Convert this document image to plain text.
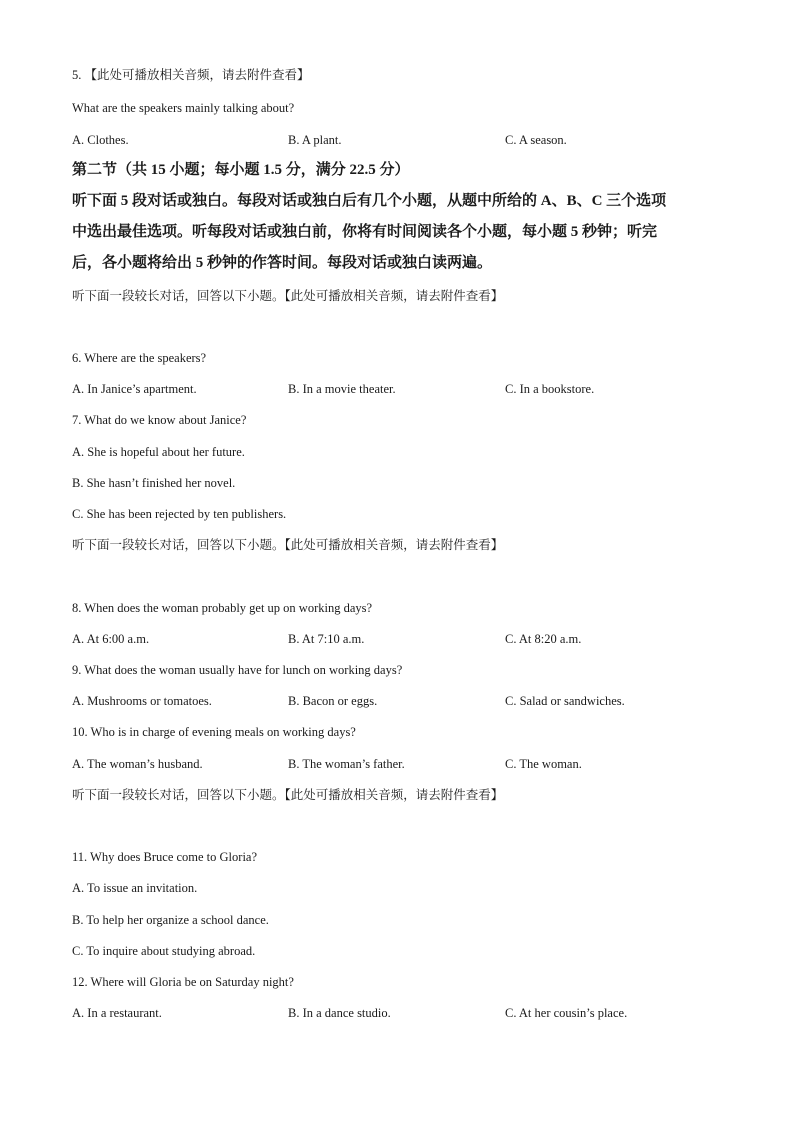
5. 【此处可播放相关音频，请去附件查看】
What are the speakers mainly talking about?
A. Clothes.	B. A plant.	C. A season.
第二节（共 15 小题；每小题 1.5 分，满分 22.5 分）
听下面 5 段对话或独白。每段对话或独白后有几个小题，从题中所给的 A、B、C 三个选项
中选出最佳选项。听每段对话或独白前，你将有时间阅读各个小题，每小题 5 秒钟；听完
后，各小题将给出 5 秒钟的作答时间。每段对话或独白读两遍。
听下面一段较长对话，回答以下小题。【此处可播放相关音频，请去附件查看】
6. Where are the speakers?
A. In Janice’s apartment.	B. In a movie theater.	C. In a bookstore.
7. What do we know about Janice?
A. She is hopeful about her future.
B. She hasn’t finished her novel.
C. She has been rejected by ten publishers.
听下面一段较长对话，回答以下小题。【此处可播放相关音频，请去附件查看】
8. When does the woman probably get up on working days?
A. At 6:00 a.m.	B. At 7:10 a.m.	C. At 8:20 a.m.
9. What does the woman usually have for lunch on working days?
A. Mushrooms or tomatoes.	B. Bacon or eggs.	C. Salad or sandwiches.
10. Who is in charge of evening meals on working days?
A. The woman’s husband.	B. The woman’s father.	C. The woman.
听下面一段较长对话，回答以下小题。【此处可播放相关音频，请去附件查看】
11. Why does Bruce come to Gloria?
A. To issue an invitation.
B. To help her organize a school dance.
C. To inquire about studying abroad.
12. Where will Gloria be on Saturday night?
A. In a restaurant.	B. In a dance studio.	C. At her cousin’s place.
